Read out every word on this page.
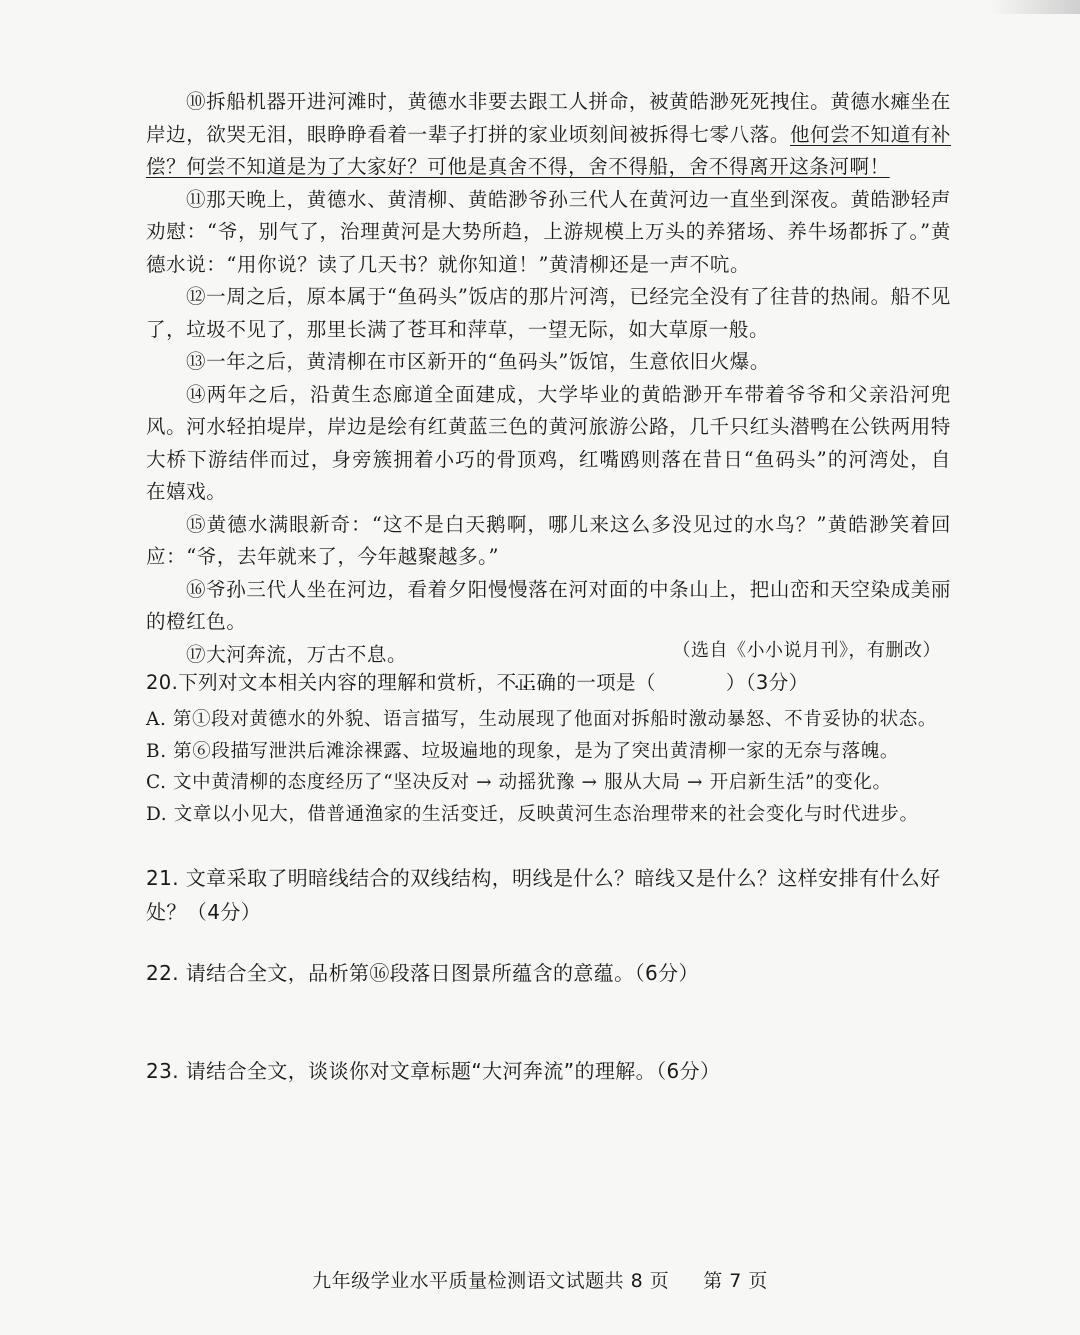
⑩拆船机器开进河滩时，黄德水非要去跟工人拼命，被黄皓渺死死拽住。黄德水瘫坐在岸边，欲哭无泪，眼睁睁看着一辈子打拼的家业顷刻间被拆得七零八落。他何尝不知道有补偿？何尝不知道是为了大家好？可他是真舍不得，舍不得船，舍不得离开这条河啊！

⑪那天晚上，黄德水、黄清柳、黄皓渺爷孙三代人在黄河边一直坐到深夜。黄皓渺轻声劝慰：“爷，别气了，治理黄河是大势所趋，上游规模上万头的养猪场、养牛场都拆了。”黄德水说：“用你说？读了几天书？就你知道！”黄清柳还是一声不吭。

⑫一周之后，原本属于“鱼码头”饭店的那片河湾，已经完全没有了往昔的热闹。船不见了，垃圾不见了，那里长满了苍耳和萍草，一望无际，如大草原一般。

⑬一年之后，黄清柳在市区新开的“鱼码头”饭馆，生意依旧火爆。

⑭两年之后，沿黄生态廊道全面建成，大学毕业的黄皓渺开车带着爷爷和父亲沿河兜风。河水轻拍堤岸，岸边是绘有红黄蓝三色的黄河旅游公路，几千只红头潜鸭在公铁两用特大桥下游结伴而过，身旁簇拥着小巧的骨顶鸡，红嘴鸥则落在昔日“鱼码头”的河湾处，自在嬉戏。

⑮黄德水满眼新奇：“这不是白天鹅啊，哪儿来这么多没见过的水鸟？”黄皓渺笑着回应：“爷，去年就来了，今年越聚越多。”

⑯爷孙三代人坐在河边，看着夕阳慢慢落在河对面的中条山上，把山峦和天空染成美丽的橙红色。

⑰大河奔流，万古不息。	（选自《小小说月刊》，有删改）

20.下列对文本相关内容的理解和赏析，不正确 •••的一项是（	）（3分）

A. 第①段对黄德水的外貌、语言描写，生动展现了他面对拆船时激动暴怒、不肯妥协的状态。

B. 第⑥段描写泄洪后滩涂裸露、垃圾遍地的现象，是为了突出黄清柳一家的无奈与落魄。

C. 文中黄清柳的态度经历了“坚决反对 → 动摇犹豫 → 服从大局 → 开启新生活”的变化。

D. 文章以小见大，借普通渔家的生活变迁，反映黄河生态治理带来的社会变化与时代进步。

21. 文章采取了明暗线结合的双线结构，明线是什么？暗线又是什么？这样安排有什么好处？（4分）
22. 请结合全文，品析第⑯段落日图景所蕴含的意蕴。（6分）
23. 请结合全文，谈谈你对文章标题“大河奔流”的理解。（6分）
九年级学业水平质量检测语文试题共 8 页 第 7 页
